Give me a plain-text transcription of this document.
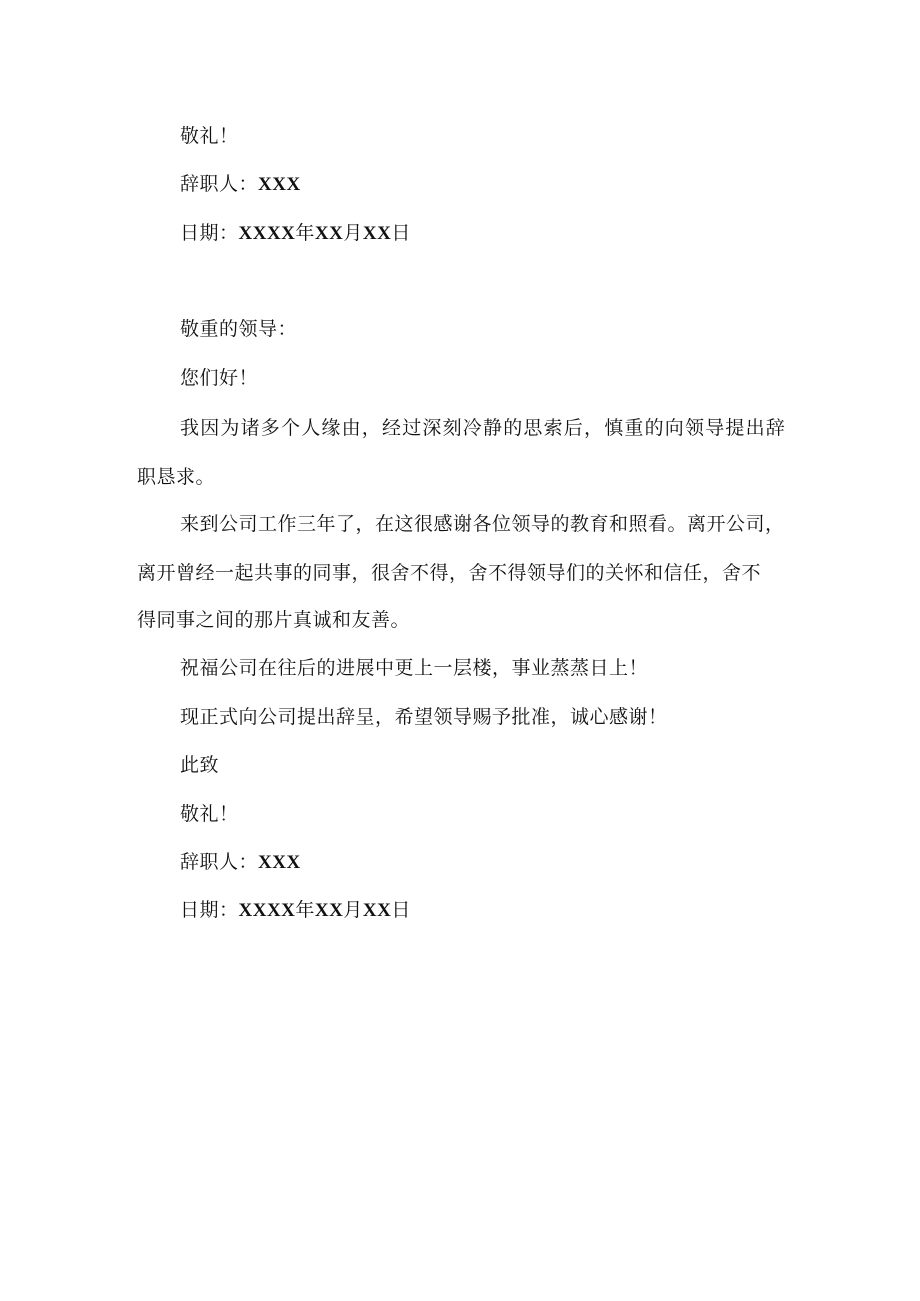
敬礼！
辞职人：XXX
日期：XXXX年XX月XX日
敬重的领导：
您们好！
我因为诸多个人缘由，经过深刻冷静的思索后，慎重的向领导提出辞
职恳求。
来到公司工作三年了，在这很感谢各位领导的教育和照看。离开公司，
离开曾经一起共事的同事，很舍不得，舍不得领导们的关怀和信任，舍不
得同事之间的那片真诚和友善。
祝福公司在往后的进展中更上一层楼，事业蒸蒸日上！
现正式向公司提出辞呈，希望领导赐予批准，诚心感谢！
此致
敬礼！
辞职人：XXX
日期：XXXX年XX月XX日
